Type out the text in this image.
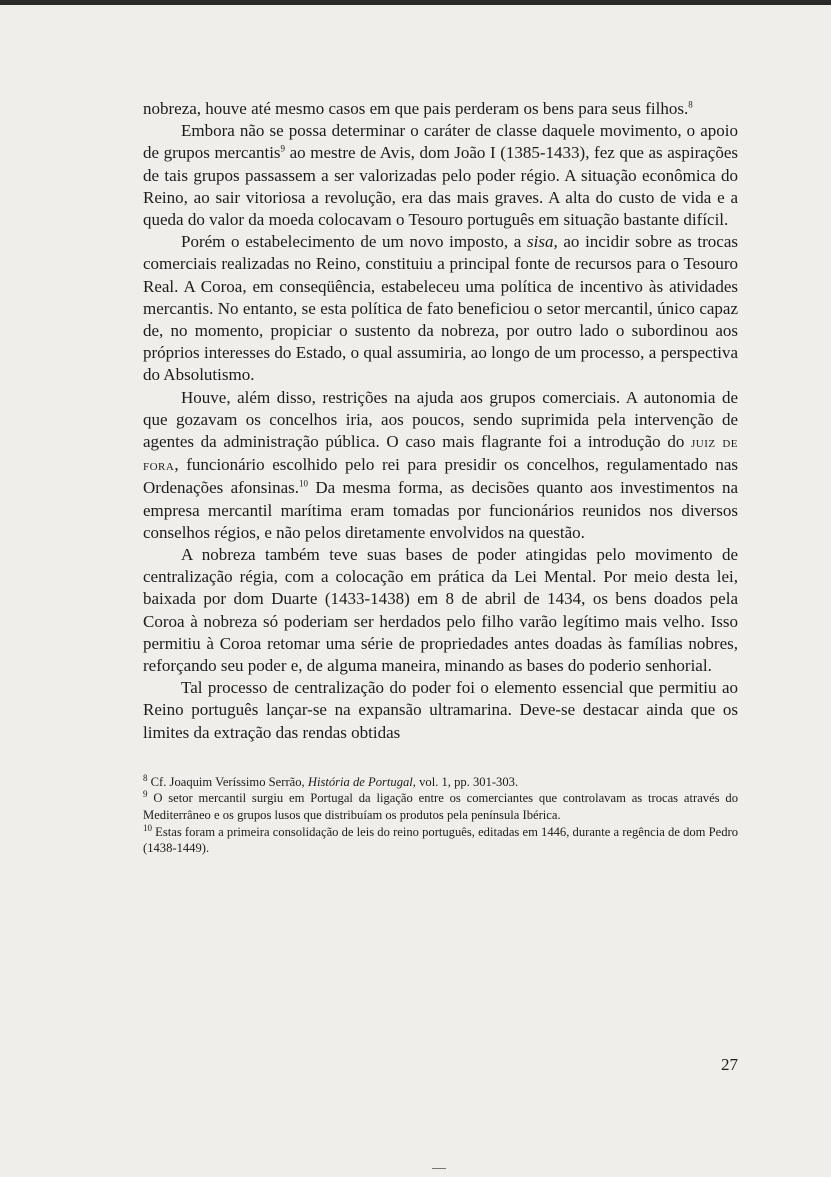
nobreza, houve até mesmo casos em que pais perderam os bens para seus filhos.$^8$

Embora não se possa determinar o caráter de classe daquele movimento, o apoio de grupos mercantis$^9$ ao mestre de Avis, dom João I (1385-1433), fez que as aspirações de tais grupos passassem a ser valorizadas pelo poder régio. A situação econômica do Reino, ao sair vitoriosa a revolução, era das mais graves. A alta do custo de vida e a queda do valor da moeda colocavam o Tesouro português em situação bastante difícil.

Porém o estabelecimento de um novo imposto, a sisa, ao incidir sobre as trocas comerciais realizadas no Reino, constituiu a principal fonte de recursos para o Tesouro Real. A Coroa, em conseqüência, estabeleceu uma política de incentivo às atividades mercantis. No entanto, se esta política de fato beneficiou o setor mercantil, único capaz de, no momento, propiciar o sustento da nobreza, por outro lado o subordinou aos próprios interesses do Estado, o qual assumiria, ao longo de um processo, a perspectiva do Absolutismo.

Houve, além disso, restrições na ajuda aos grupos comerciais. A autonomia de que gozavam os concelhos iria, aos poucos, sendo suprimida pela intervenção de agentes da administração pública. O caso mais flagrante foi a introdução do juiz de fora, funcionário escolhido pelo rei para presidir os concelhos, regulamentado nas Ordenações afonsinas.$^{10}$ Da mesma forma, as decisões quanto aos investimentos na empresa mercantil marítima eram tomadas por funcionários reunidos nos diversos conselhos régios, e não pelos diretamente envolvidos na questão.

A nobreza também teve suas bases de poder atingidas pelo movimento de centralização régia, com a colocação em prática da Lei Mental. Por meio desta lei, baixada por dom Duarte (1433-1438) em 8 de abril de 1434, os bens doados pela Coroa à nobreza só poderiam ser herdados pelo filho varão legítimo mais velho. Isso permitiu à Coroa retomar uma série de propriedades antes doadas às famílias nobres, reforçando seu poder e, de alguma maneira, minando as bases do poderio senhorial.

Tal processo de centralização do poder foi o elemento essencial que permitiu ao Reino português lançar-se na expansão ultramarina. Deve-se destacar ainda que os limites da extração das rendas obtidas

$^8$ Cf. Joaquim Veríssimo Serrão, História de Portugal, vol. 1, pp. 301-303.

$^9$ O setor mercantil surgiu em Portugal da ligação entre os comerciantes que controlavam as trocas através do Mediterrâneo e os grupos lusos que distribuíam os produtos pela península Ibérica.

$^{10}$ Estas foram a primeira consolidação de leis do reino português, editadas em 1446, durante a regência de dom Pedro (1438-1449).

27
